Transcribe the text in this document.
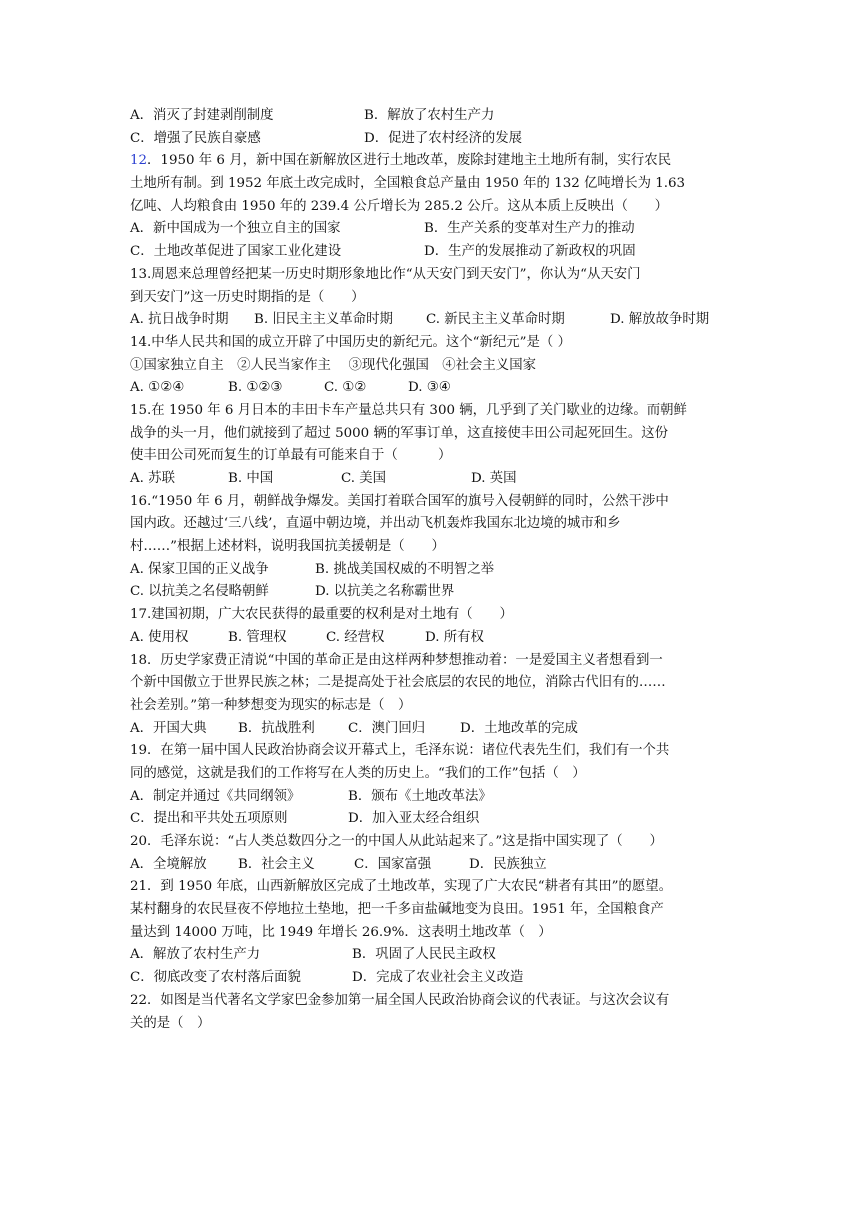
A．消灭了封建剥削制度	B．解放了农村生产力
C．增强了民族自豪感	D．促进了农村经济的发展
12．1950 年 6 月，新中国在新解放区进行土地改革，废除封建地主土地所有制，实行农民
土地所有制。到 1952 年底土改完成时，全国粮食总产量由 1950 年的 132 亿吨增长为 1.63
亿吨、人均粮食由 1950 年的 239.4 公斤增长为 285.2 公斤。这从本质上反映出（　　）
A．新中国成为一个独立自主的国家	B．生产关系的变革对生产力的推动
C．土地改革促进了国家工业化建设	D．生产的发展推动了新政权的巩固
13.周恩来总理曾经把某一历史时期形象地比作“从天安门到天安门”，你认为“从天安门
到天安门”这一历史时期指的是（　　）
A. 抗日战争时期	B. 旧民主主义革命时期	C. 新民主主义革命时期	D. 解放故争时期
14.中华人民共和国的成立开辟了中国历史的新纪元。这个“新纪元”是（ ）
①国家独立自主　②人民当家作主　 ③现代化强国　④社会主义国家
A. ①②④	B. ①②③	C. ①②	D. ③④
15.在 1950 年 6 月日本的丰田卡车产量总共只有 300 辆，几乎到了关门歇业的边缘。而朝鲜
战争的头一月，他们就接到了超过 5000 辆的军事订单，这直接使丰田公司起死回生。这份
使丰田公司死而复生的订单最有可能来自于（　　　）
A. 苏联	B. 中国	C. 美国	D. 英国
16.“1950 年 6 月，朝鲜战争爆发。美国打着联合国军的旗号入侵朝鲜的同时，公然干涉中
国内政。还越过‘三八线’，直逼中朝边境，并出动飞机轰炸我国东北边境的城市和乡
村……”根据上述材料，说明我国抗美援朝是（　　）
A. 保家卫国的正义战争	B. 挑战美国权威的不明智之举
C. 以抗美之名侵略朝鲜	D. 以抗美之名称霸世界
17.建国初期，广大农民获得的最重要的权利是对土地有（　　）
A. 使用权	B. 管理权	C. 经营权	D. 所有权
18．历史学家费正清说“中国的革命正是由这样两种梦想推动着：一是爱国主义者想看到一
个新中国傲立于世界民族之林；二是提高处于社会底层的农民的地位，消除古代旧有的……
社会差别。”第一种梦想变为现实的标志是（　）
A．开国大典	B．抗战胜利	C．澳门回归	D．土地改革的完成
19．在第一届中国人民政治协商会议开幕式上，毛泽东说：诸位代表先生们，我们有一个共
同的感觉，这就是我们的工作将写在人类的历史上。“我们的工作”包括（　）
A．制定并通过《共同纲领》	B．颁布《土地改革法》
C．提出和平共处五项原则	D．加入亚太经合组织
20．毛泽东说：“占人类总数四分之一的中国人从此站起来了。”这是指中国实现了（　　）
A．全境解放	B．社会主义	C．国家富强	D．民族独立
21．到 1950 年底，山西新解放区完成了土地改革，实现了广大农民“耕者有其田”的愿望。
某村翻身的农民昼夜不停地拉土垫地，把一千多亩盐碱地变为良田。1951 年，全国粮食产
量达到 14000 万吨，比 1949 年增长 26.9%．这表明土地改革（　）
A．解放了农村生产力	B．巩固了人民民主政权
C．彻底改变了农村落后面貌	D．完成了农业社会主义改造
22．如图是当代著名文学家巴金参加第一届全国人民政治协商会议的代表证。与这次会议有
关的是（　）
